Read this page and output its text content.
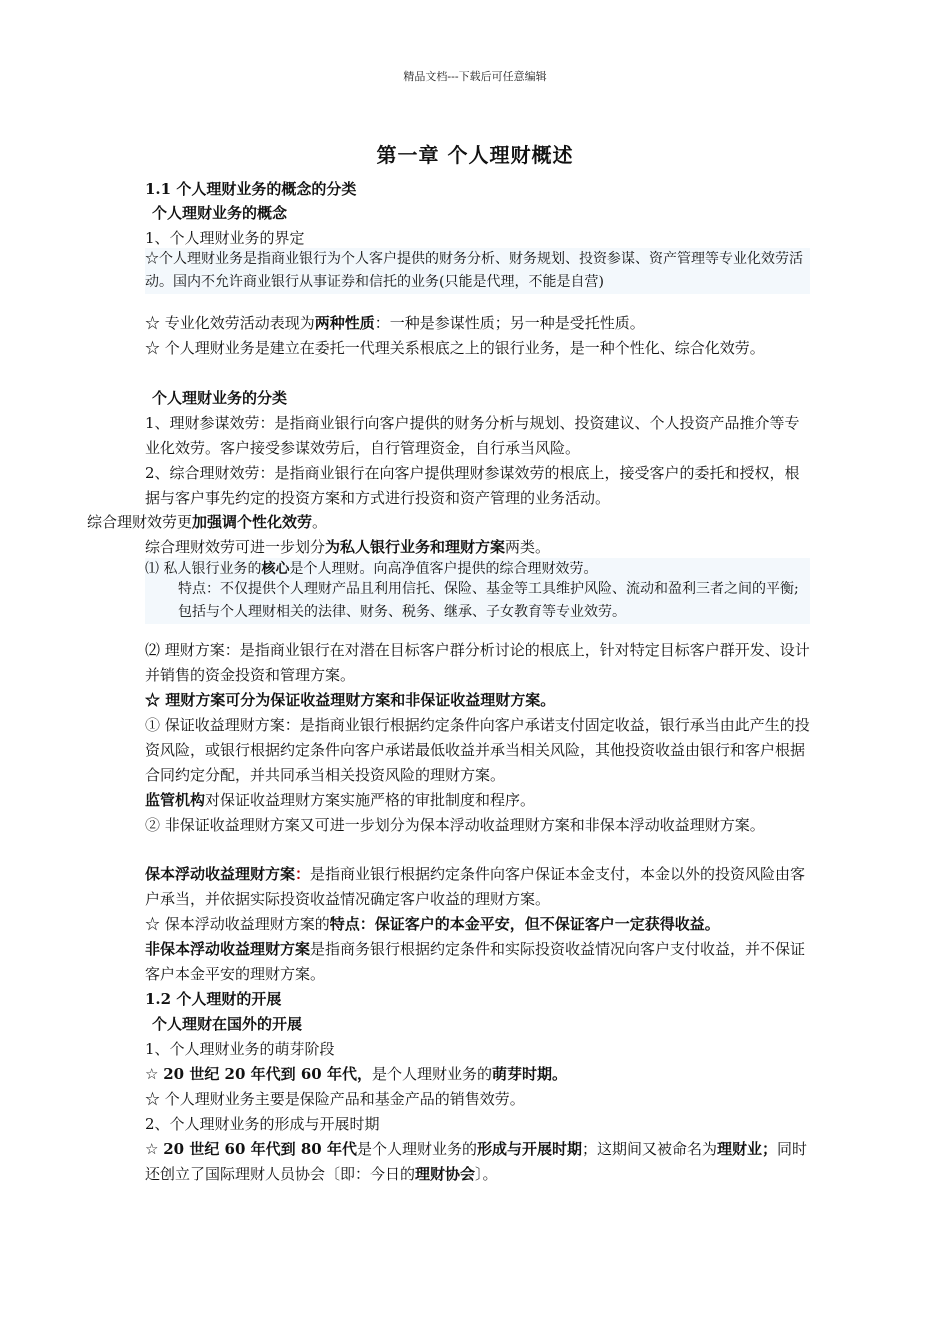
精品文档---下载后可任意编辑
第一章 个人理财概述
1.1 个人理财业务的概念的分类
个人理财业务的概念
1、个人理财业务的界定
☆个人理财业务是指商业银行为个人客户提供的财务分析、财务规划、投资参谋、资产管理等专业化效劳活动。国内不允许商业银行从事证券和信托的业务(只能是代理，不能是自营)
☆ 专业化效劳活动表现为两种性质：一种是参谋性质；另一种是受托性质。
☆ 个人理财业务是建立在委托一代理关系根底之上的银行业务，是一种个性化、综合化效劳。
个人理财业务的分类
1、理财参谋效劳：是指商业银行向客户提供的财务分析与规划、投资建议、个人投资产品推介等专业化效劳。客户接受参谋效劳后，自行管理资金，自行承当风险。
2、综合理财效劳：是指商业银行在向客户提供理财参谋效劳的根底上，接受客户的委托和授权，根据与客户事先约定的投资方案和方式进行投资和资产管理的业务活动。
综合理财效劳更加强调个性化效劳。
综合理财效劳可进一步划分为私人银行业务和理财方案两类。
⑴ 私人银行业务的核心是个人理财。向高净值客户提供的综合理财效劳。
特点：不仅提供个人理财产品且利用信托、保险、基金等工具维护风险、流动和盈利三者之间的平衡;包括与个人理财相关的法律、财务、税务、继承、子女教育等专业效劳。
⑵ 理财方案：是指商业银行在对潜在目标客户群分析讨论的根底上，针对特定目标客户群开发、设计并销售的资金投资和管理方案。
☆ 理财方案可分为保证收益理财方案和非保证收益理财方案。
① 保证收益理财方案：是指商业银行根据约定条件向客户承诺支付固定收益，银行承当由此产生的投资风险，或银行根据约定条件向客户承诺最低收益并承当相关风险，其他投资收益由银行和客户根据合同约定分配，并共同承当相关投资风险的理财方案。
监管机构对保证收益理财方案实施严格的审批制度和程序。
② 非保证收益理财方案又可进一步划分为保本浮动收益理财方案和非保本浮动收益理财方案。
保本浮动收益理财方案：是指商业银行根据约定条件向客户保证本金支付，本金以外的投资风险由客户承当，并依据实际投资收益情况确定客户收益的理财方案。
☆ 保本浮动收益理财方案的特点：保证客户的本金平安，但不保证客户一定获得收益。
非保本浮动收益理财方案是指商务银行根据约定条件和实际投资收益情况向客户支付收益，并不保证客户本金平安的理财方案。
1.2 个人理财的开展
个人理财在国外的开展
1、个人理财业务的萌芽阶段
☆ 20 世纪 20 年代到 60 年代，是个人理财业务的萌芽时期。
☆ 个人理财业务主要是保险产品和基金产品的销售效劳。
2、个人理财业务的形成与开展时期
☆ 20 世纪 60 年代到 80 年代是个人理财业务的形成与开展时期；这期间又被命名为理财业；同时还创立了国际理财人员协会〔即：今日的理财协会〕。
